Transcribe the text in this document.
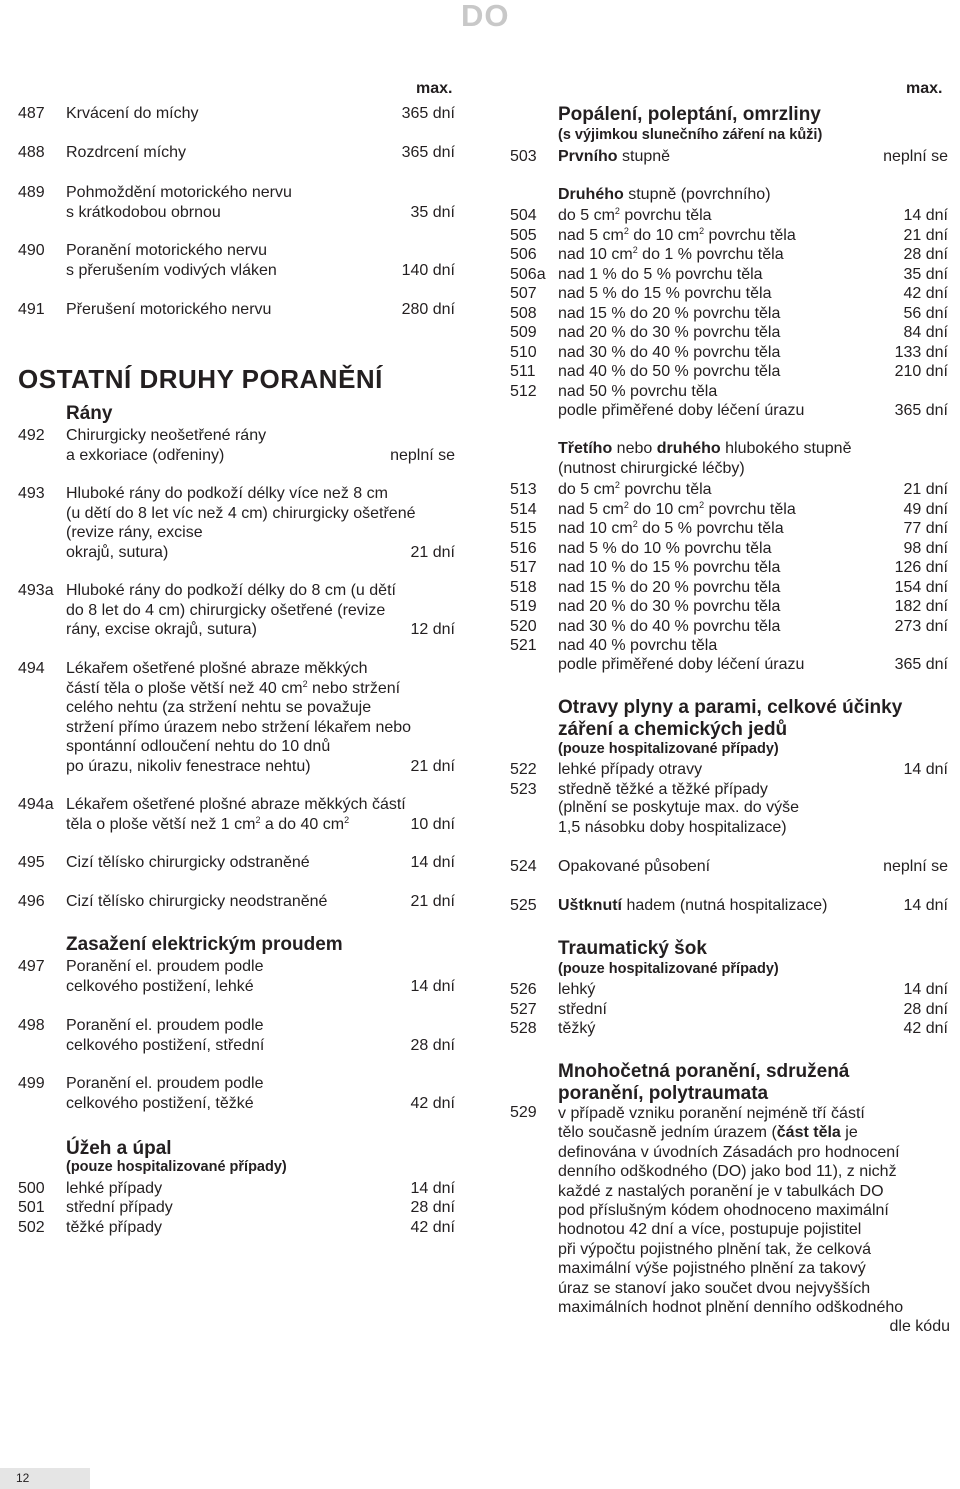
DO
max.	max.
487 Krvácení do míchy	365 dní
488 Rozdrcení míchy	365 dní
489 Pohmoždění motorického nervu
s krátkodobou obrnou	35 dní
490 Poranění motorického nervu
s přerušením vodivých vláken	140 dní
491 Přerušení motorického nervu	280 dní
492 Chirurgicky neošetřené rány
a exkoriace (odřeniny)	neplní se
493 Hluboké rány do podkoží délky více než 8 cm
(u dětí do 8 let víc než 4 cm) chirurgicky ošetřené
(revize rány, excise
okrajů, sutura)	21 dní
493a Hluboké rány do podkoží délky do 8 cm (u dětí
do 8 let do 4 cm) chirurgicky ošetřené (revize
rány, excise okrajů, sutura)	12 dní
494 Lékařem ošetřené plošné abraze měkkých
částí těla o ploše větší než 40 $cm^2$ nebo stržení
celého nehtu (za stržení nehtu se považuje
stržení přímo úrazem nebo stržení lékařem nebo
spontánní odloučení nehtu do 10 dnů
po úrazu, nikoliv fenestrace nehtu)	21 dní
494a Lékařem ošetřené plošné abraze měkkých částí
těla o ploše větší než 1 $cm^2$ a do 40 $cm^2$	10 dní
495 Cizí tělísko chirurgicky odstraněné	14 dní
496 Cizí tělísko chirurgicky neodstraněné	21 dní
497 Poranění el. proudem podle
celkového postižení, lehké	14 dní
498 Poranění el. proudem podle
celkového postižení, střední	28 dní
499 Poranění el. proudem podle
celkového postižení, těžké	42 dní
500 lehké případy	14 dní
501 střední případy	28 dní
502 těžké případy	42 dní
OSTATNÍ DRUHY PORANĚNÍ
Rány
Zasažení elektrickým proudem
Úžeh a úpal
(pouze hospitalizované případy)
Popálení, poleptání, omrzliny
(s výjimkou slunečního záření na kůži)
503 Prvního stupně	neplní se
Druhého stupně (povrchního)
504 do 5 $cm^2$ povrchu těla	14 dní
505 nad 5 $cm^2$ do 10 $cm^2$ povrchu těla	21 dní
506 nad 10 $cm^2$ do 1 % povrchu těla	28 dní
506a nad 1 % do 5 % povrchu těla	35 dní
507 nad 5 % do 15 % povrchu těla	42 dní
508 nad 15 % do 20 % povrchu těla	56 dní
509 nad 20 % do 30 % povrchu těla	84 dní
510 nad 30 % do 40 % povrchu těla	133 dní
511 nad 40 % do 50 % povrchu těla	210 dní
512 nad 50 % povrchu těla
podle přiměřené doby léčení úrazu	365 dní
Třetího nebo druhého hlubokého stupně
(nutnost chirurgické léčby)
513 do 5 $cm^2$ povrchu těla	21 dní
514 nad 5 $cm^2$ do 10 $cm^2$ povrchu těla	49 dní
515 nad 10 $cm^2$ do 5 % povrchu těla	77 dní
516 nad 5 % do 10 % povrchu těla	98 dní
517 nad 10 % do 15 % povrchu těla	126 dní
518 nad 15 % do 20 % povrchu těla	154 dní
519 nad 20 % do 30 % povrchu těla	182 dní
520 nad 30 % do 40 % povrchu těla	273 dní
521 nad 40 % povrchu těla
podle přiměřené doby léčení úrazu	365 dní
Otravy plyny a parami, celkové účinky
záření a chemických jedů
(pouze hospitalizované případy)
522 lehké případy otravy	14 dní
523 středně těžké a těžké případy
(plnění se poskytuje max. do výše
1,5 násobku doby hospitalizace)
524 Opakované působení	neplní se
525 Uštknutí hadem (nutná hospitalizace)	14 dní
Traumatický šok
(pouze hospitalizované případy)
526 lehký	14 dní
527 střední	28 dní
528 těžký	42 dní
Mnohočetná poranění, sdružená
poranění, polytraumata
529 v případě vzniku poranění nejméně tří částí
tělo současně jedním úrazem (část těla je
definována v úvodních Zásadách pro hodnocení
denního odškodného (DO) jako bod 11), z nichž
každé z nastalých poranění je v tabulkách DO
pod příslušným kódem ohodnoceno maximální
hodnotou 42 dní a více, postupuje pojistitel
při výpočtu pojistného plnění tak, že celková
maximální výše pojistného plnění za takový
úraz se stanoví jako součet dvou nejvyšších
maximálních hodnot plnění denního odškodného
dle kódu
12
